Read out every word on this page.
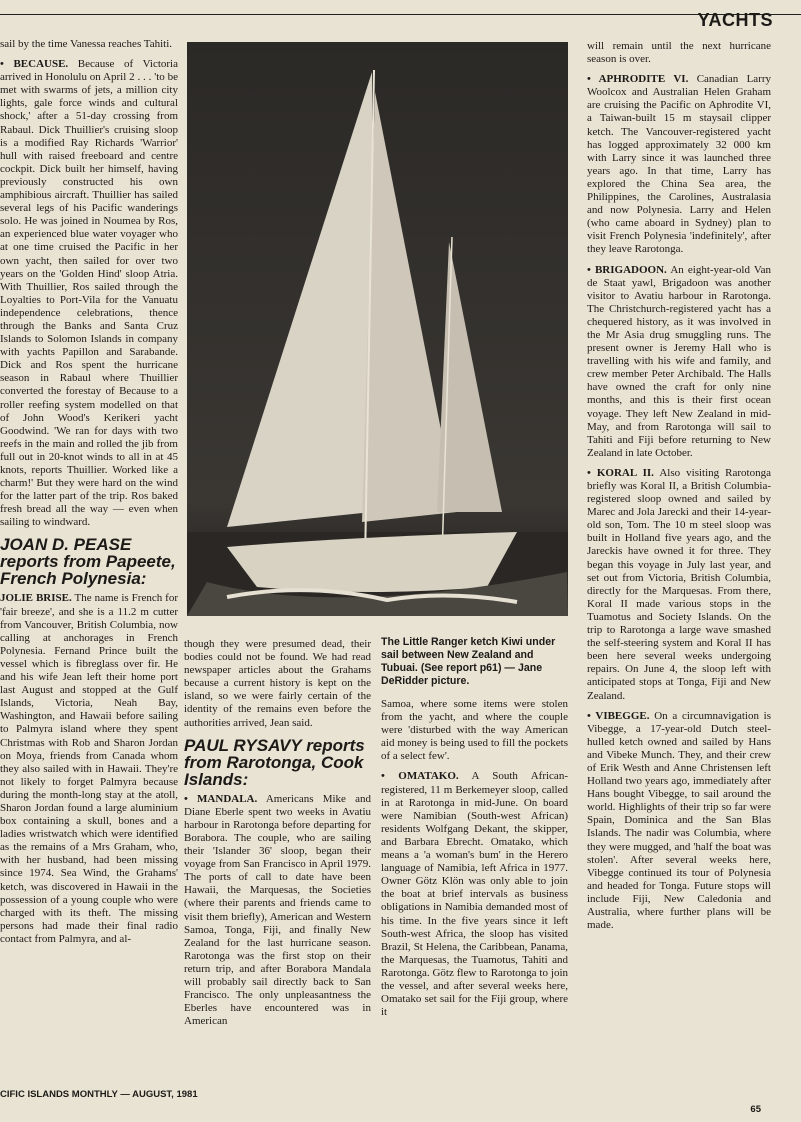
YACHTS

sail by the time Vanessa reaches Tahiti.

• BECAUSE. Because of Victoria arrived in Honolulu on April 2 . . . 'to be met with swarms of jets, a million city lights, gale force winds and cultural shock,' after a 51-day crossing from Rabaul. Dick Thuillier's cruising sloop is a modified Ray Richards 'Warrior' hull with raised freeboard and centre cockpit. Dick built her himself, having previously constructed his own amphibious aircraft. Thuillier has sailed several legs of his Pacific wanderings solo. He was joined in Noumea by Ros, an experienced blue water voyager who at one time cruised the Pacific in her own yacht, then sailed for over two years on the 'Golden Hind' sloop Atria. With Thuillier, Ros sailed through the Loyalties to Port-Vila for the Vanuatu independence celebrations, thence through the Banks and Santa Cruz Islands to Solomon Islands in company with yachts Papillon and Sarabande. Dick and Ros spent the hurricane season in Rabaul where Thuillier converted the forestay of Because to a roller reefing system modelled on that of John Wood's Kerikeri yacht Goodwind. 'We ran for days with two reefs in the main and rolled the jib from full out in 20-knot winds to all in at 45 knots, reports Thuillier. Worked like a charm!' But they were hard on the wind for the latter part of the trip. Ros baked fresh bread all the way — even when sailing to windward.

JOAN D. PEASE reports from Papeete, French Polynesia:

JOLIE BRISE. The name is French for 'fair breeze', and she is a 11.2 m cutter from Vancouver, British Columbia, now calling at anchorages in French Polynesia. Fernand Prince built the vessel which is fibreglass over fir. He and his wife Jean left their home port last August and stopped at the Gulf Islands, Victoria, Neah Bay, Washington, and Hawaii before sailing to Palmyra island where they spent Christmas with Rob and Sharon Jordan on Moya, friends from Canada whom they also sailed with in Hawaii. They're not likely to forget Palmyra because during the month-long stay at the atoll, Sharon Jordan found a large aluminium box containing a skull, bones and a ladies wristwatch which were identified as the remains of a Mrs Graham, who, with her husband, had been missing since 1974. Sea Wind, the Grahams' ketch, was discovered in Hawaii in the possession of a young couple who were charged with its theft. The missing persons had made their final radio contact from Palmyra, and al-

though they were presumed dead, their bodies could not be found. We had read newspaper articles about the Grahams because a current history is kept on the island, so we were fairly certain of the identity of the remains even before the authorities arrived, Jean said.

PAUL RYSAVY reports from Rarotonga, Cook Islands:

• MANDALA. Americans Mike and Diane Eberle spent two weeks in Avatiu harbour in Rarotonga before departing for Borabora. The couple, who are sailing their 'Islander 36' sloop, began their voyage from San Francisco in April 1979. The ports of call to date have been Hawaii, the Marquesas, the Societies (where their parents and friends came to visit them briefly), American and Western Samoa, Tonga, Fiji, and finally New Zealand for the last hurricane season. Rarotonga was the first stop on their return trip, and after Borabora Mandala will probably sail directly back to San Francisco. The only unpleasantness the Eberles have encountered was in American

The Little Ranger ketch Kiwi under sail between New Zealand and Tubuai. (See report p61) — Jane DeRidder picture.

Samoa, where some items were stolen from the yacht, and where the couple were 'disturbed with the way American aid money is being used to fill the pockets of a select few'.

• OMATAKO. A South African-registered, 11 m Berkemeyer sloop, called in at Rarotonga in mid-June. On board were Namibian (South-west African) residents Wolfgang Dekant, the skipper, and Barbara Ebrecht. Omatako, which means a 'a woman's bum' in the Herero language of Namibia, left Africa in 1977. Owner Götz Klön was only able to join the boat at brief intervals as business obligations in Namibia demanded most of his time. In the five years since it left South-west Africa, the sloop has visited Brazil, St Helena, the Caribbean, Panama, the Marquesas, the Tuamotus, Tahiti and Rarotonga. Götz flew to Rarotonga to join the vessel, and after several weeks here, Omatako set sail for the Fiji group, where it

will remain until the next hurricane season is over.

• APHRODITE VI. Canadian Larry Woolcox and Australian Helen Graham are cruising the Pacific on Aphrodite VI, a Taiwan-built 15 m staysail clipper ketch. The Vancouver-registered yacht has logged approximately 32 000 km with Larry since it was launched three years ago. In that time, Larry has explored the China Sea area, the Philippines, the Carolines, Australasia and now Polynesia. Larry and Helen (who came aboard in Sydney) plan to visit French Polynesia 'indefinitely', after they leave Rarotonga.

• BRIGADOON. An eight-year-old Van de Staat yawl, Brigadoon was another visitor to Avatiu harbour in Rarotonga. The Christchurch-registered yacht has a chequered history, as it was involved in the Mr Asia drug smuggling runs. The present owner is Jeremy Hall who is travelling with his wife and family, and crew member Peter Archibald. The Halls have owned the craft for only nine months, and this is their first ocean voyage. They left New Zealand in mid-May, and from Rarotonga will sail to Tahiti and Fiji before returning to New Zealand in late October.

• KORAL II. Also visiting Rarotonga briefly was Koral II, a British Columbia-registered sloop owned and sailed by Marec and Jola Jarecki and their 14-year-old son, Tom. The 10 m steel sloop was built in Holland five years ago, and the Jareckis have owned it for three. They began this voyage in July last year, and set out from Victoria, British Columbia, directly for the Marquesas. From there, Koral II made various stops in the Tuamotus and Society Islands. On the trip to Rarotonga a large wave smashed the self-steering system and Koral II has been here several weeks undergoing repairs. On June 4, the sloop left with anticipated stops at Tonga, Fiji and New Zealand.

• VIBEGGE. On a circumnavigation is Vibegge, a 17-year-old Dutch steel-hulled ketch owned and sailed by Hans and Vibeke Munch. They, and their crew of Erik Westh and Anne Christensen left Holland two years ago, immediately after Hans bought Vibegge, to sail around the world. Highlights of their trip so far were Spain, Dominica and the San Blas Islands. The nadir was Columbia, where they were mugged, and 'half the boat was stolen'. After several weeks here, Vibegge continued its tour of Polynesia and headed for Tonga. Future stops will include Fiji, New Caledonia and Australia, where further plans will be made.

CIFIC ISLANDS MONTHLY — AUGUST, 1981
65
